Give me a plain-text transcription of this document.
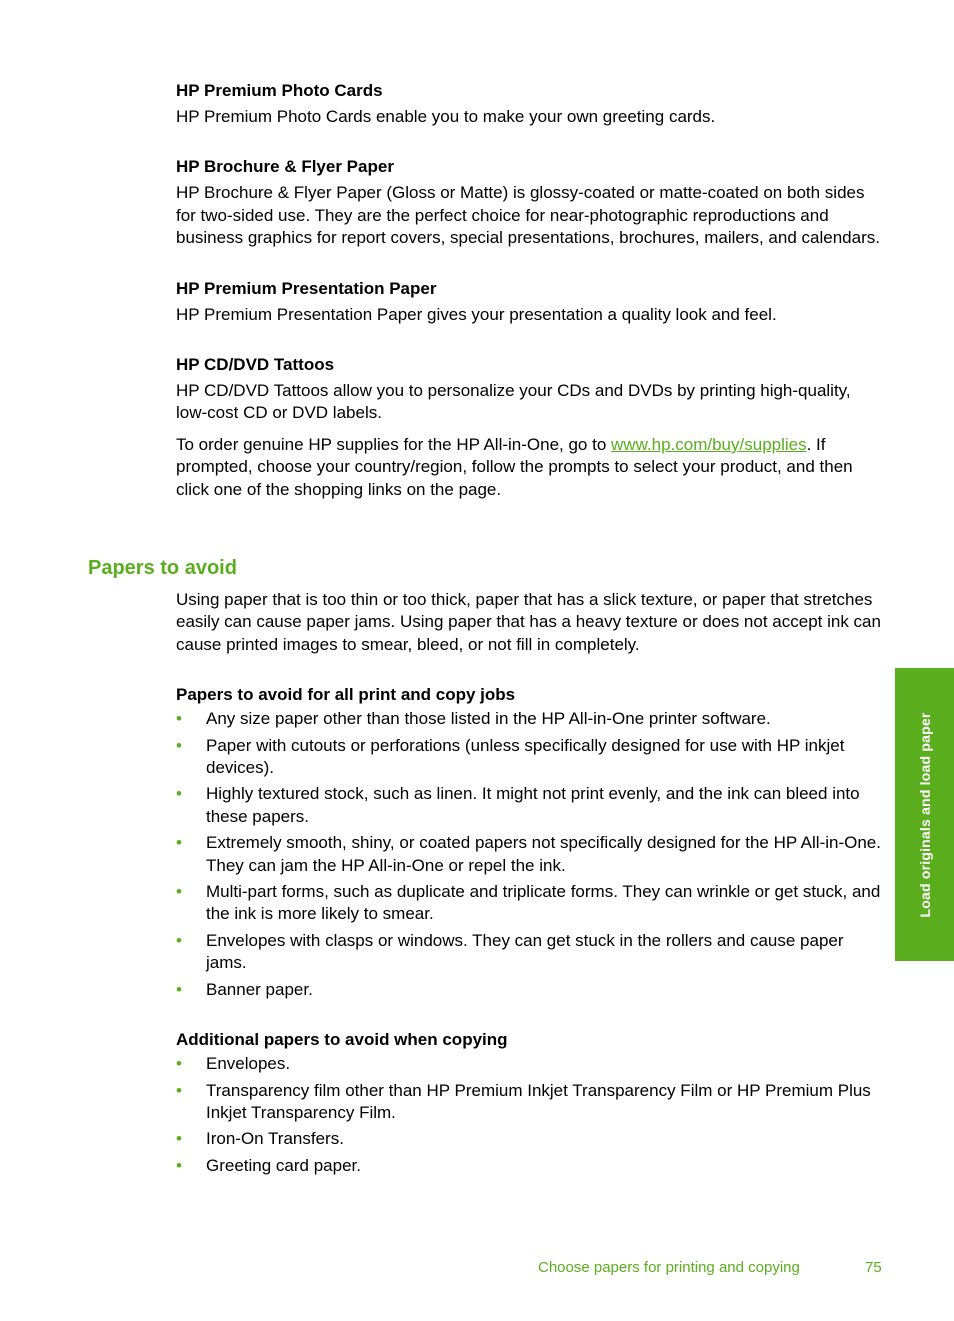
HP Premium Photo Cards

HP Premium Photo Cards enable you to make your own greeting cards.

HP Brochure & Flyer Paper

HP Brochure & Flyer Paper (Gloss or Matte) is glossy-coated or matte-coated on both sides for two-sided use. They are the perfect choice for near-photographic reproductions and business graphics for report covers, special presentations, brochures, mailers, and calendars.

HP Premium Presentation Paper

HP Premium Presentation Paper gives your presentation a quality look and feel.

HP CD/DVD Tattoos

HP CD/DVD Tattoos allow you to personalize your CDs and DVDs by printing high-quality, low-cost CD or DVD labels.

To order genuine HP supplies for the HP All-in-One, go to www.hp.com/buy/supplies. If prompted, choose your country/region, follow the prompts to select your product, and then click one of the shopping links on the page.

Papers to avoid

Using paper that is too thin or too thick, paper that has a slick texture, or paper that stretches easily can cause paper jams. Using paper that has a heavy texture or does not accept ink can cause printed images to smear, bleed, or not fill in completely.

Papers to avoid for all print and copy jobs

• Any size paper other than those listed in the HP All-in-One printer software.
• Paper with cutouts or perforations (unless specifically designed for use with HP inkjet devices).
• Highly textured stock, such as linen. It might not print evenly, and the ink can bleed into these papers.
• Extremely smooth, shiny, or coated papers not specifically designed for the HP All-in-One. They can jam the HP All-in-One or repel the ink.
• Multi-part forms, such as duplicate and triplicate forms. They can wrinkle or get stuck, and the ink is more likely to smear.
• Envelopes with clasps or windows. They can get stuck in the rollers and cause paper jams.
• Banner paper.

Additional papers to avoid when copying

• Envelopes.
• Transparency film other than HP Premium Inkjet Transparency Film or HP Premium Plus Inkjet Transparency Film.
• Iron-On Transfers.
• Greeting card paper.
Load originals and load paper
Choose papers for printing and copying	75
